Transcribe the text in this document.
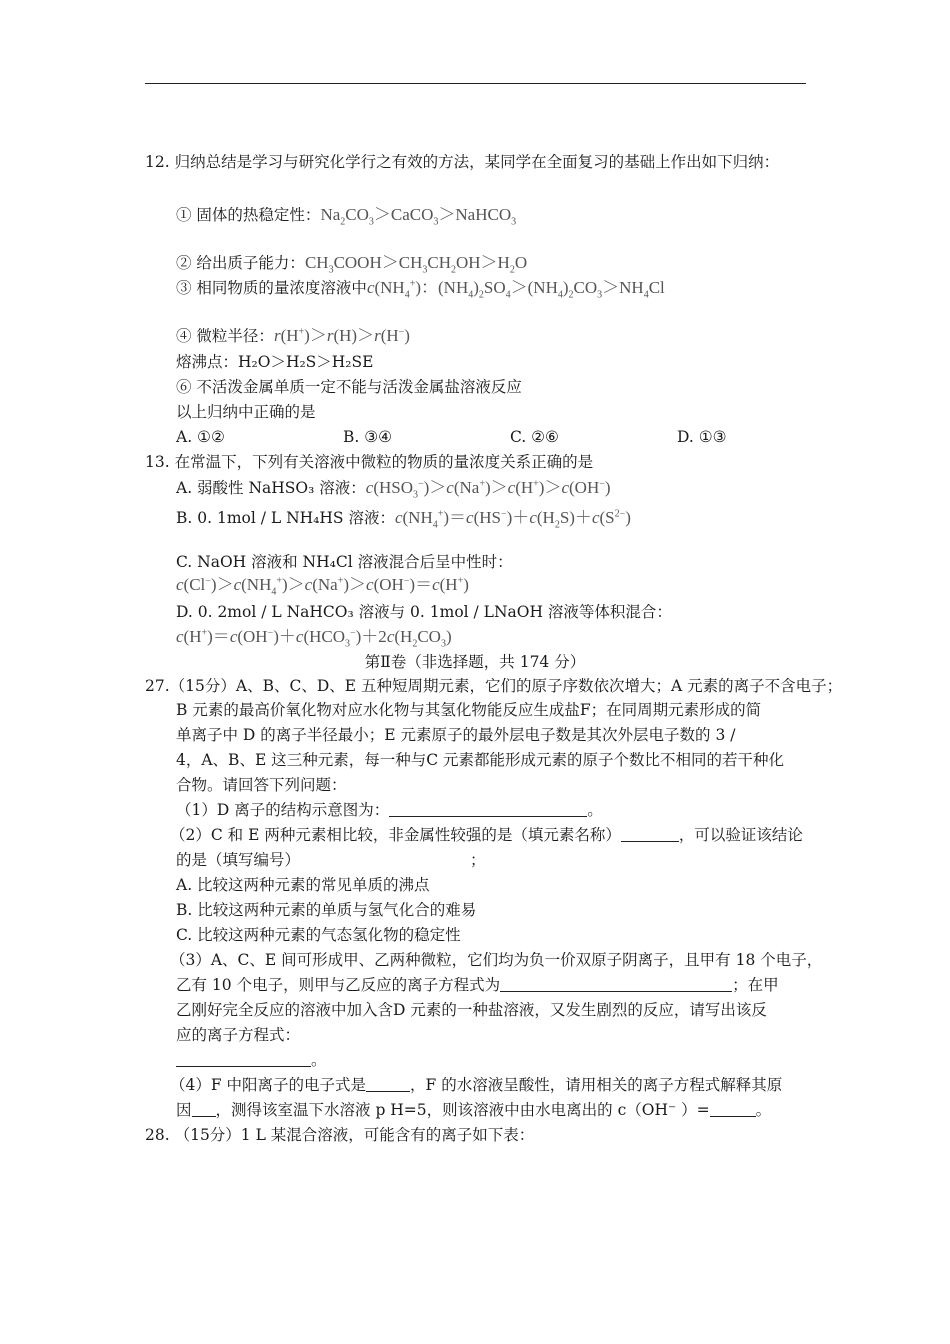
12. 归纳总结是学习与研究化学行之有效的方法，某同学在全面复习的基础上作出如下归纳：
① 固体的热稳定性：$Na_2CO_3>CaCO_3>NaHCO_3$
② 给出质子能力：$CH_3COOH>CH_3CH_2OH>H_2O$
③ 相同物质的量浓度溶液中$c(NH_4^+)$：$(NH_4)_2SO_4>(NH_4)_2CO_3>NH_4Cl$
④ 微粒半径：r(H+)＞r(H)＞r(H−)
熔沸点：H₂O＞H₂S＞H₂SE
⑥ 不活泼金属单质一定不能与活泼金属盐溶液反应
以上归纳中正确的是
A. ①②	B. ③④	C. ②⑥	D. ①③
13. 在常温下，下列有关溶液中微粒的物质的量浓度关系正确的是
A. 弱酸性 NaHSO₃ 溶液：$c(HSO_3^-)>c(Na^+)>c(H^+)>c(OH^-)$
B. 0. 1mol / L NH₄HS 溶液：$c(NH_4^+)=c(HS^-)+c(H_2S)+c(S^{2-})$
C. NaOH 溶液和 NH₄Cl 溶液混合后呈中性时：
$c(Cl^-)>c(NH_4^+)>c(Na^+)>c(OH^-)=c(H^+)$
D. 0. 2mol / L NaHCO₃ 溶液与 0. 1mol / LNaOH 溶液等体积混合：
$c(H^+)=c(OH^-)+c(HCO_3^-)+2c(H_2CO_3)$
第Ⅱ卷（非选择题，共 174 分）
27.（15分）A、B、C、D、E 五种短周期元素，它们的原子序数依次增大；A 元素的离子不含电子；
B 元素的最高价氧化物对应水化物与其氢化物能反应生成盐F；在同周期元素形成的简
单离子中 D 的离子半径最小；E 元素原子的最外层电子数是其次外层电子数的 3 /
4，A、B、E 这三种元素，每一种与C 元素都能形成元素的原子个数比不相同的若干种化
合物。请回答下列问题：
（1）D 离子的结构示意图为：	。
（2）C 和 E 两种元素相比较，非金属性较强的是（填元素名称）	，可以验证该结论
的是（填写编号）	；
A. 比较这两种元素的常见单质的沸点
B. 比较这两种元素的单质与氢气化合的难易
C. 比较这两种元素的气态氢化物的稳定性
（3）A、C、E 间可形成甲、乙两种微粒，它们均为负一价双原子阴离子，且甲有 18 个电子，
乙有 10 个电子，则甲与乙反应的离子方程式为	；在甲
乙刚好完全反应的溶液中加入含D 元素的一种盐溶液，又发生剧烈的反应，请写出该反
应的离子方程式：
。
（4）F 中阳离子的电子式是	，F 的水溶液呈酸性，请用相关的离子方程式解释其原
因 ，测得该室温下水溶液 p H=5，则该溶液中由水电离出的 c（OH⁻ ）=	。
28. （15分）1 L 某混合溶液，可能含有的离子如下表：
